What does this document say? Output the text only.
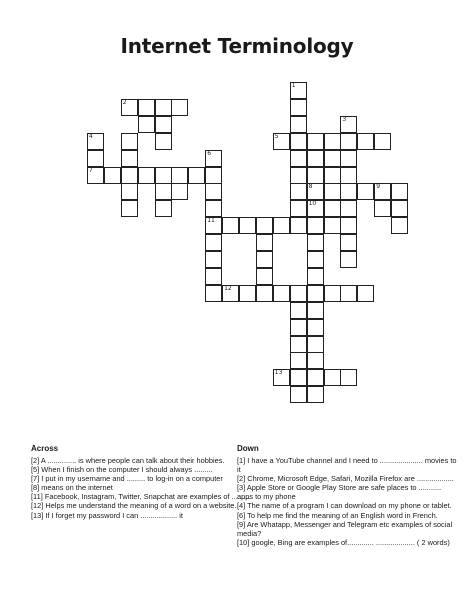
Internet Terminology
1
2
3
4	5
6
11
7
8	9
10
12
13
Across

[2] A .............. is where people can talk about their hobbies.

[5] When I finish on the computer I should always .........

[7] I put in my username and ......... to log-in on a computer

[8] means on the internet

[11] Facebook, Instagram, Twitter, Snapchat are examples of .........

[12] Helps me understand the meaning of a word on a website.

[13] If I forget my password I can .................. it

Down

[1] I have a YouTube channel and I need to ..................... movies to it

[2] Chrome, Microsoft Edge, Safari, Mozilla Firefox are ..................

[3] Apple Store or Google Play Store are safe places to ........... apps to my phone

[4] The name of a program I can download on my phone or tablet.

[6] To help me find the meaning of an English word in French.

[9] Are Whatapp, Messenger and Telegram etc examples of social media?

[10] google, Bing are examples of............. ................... ( 2 words)
